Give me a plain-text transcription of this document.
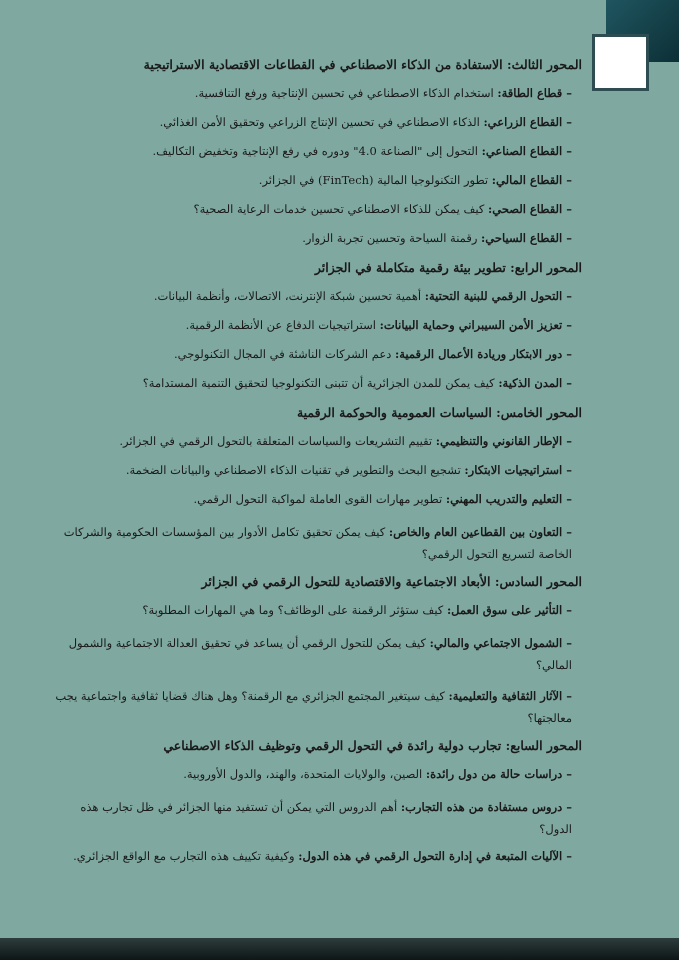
المحور الثالث: الاستفادة من الذكاء الاصطناعي في القطاعات الاقتصادية الاستراتيجية
– قطاع الطاقة: استخدام الذكاء الاصطناعي في تحسين الإنتاجية ورفع التنافسية.
– القطاع الزراعي: الذكاء الاصطناعي في تحسين الإنتاج الزراعي وتحقيق الأمن الغذائي.
– القطاع الصناعي: التحول إلى "الصناعة 4.0" ودوره في رفع الإنتاجية وتخفيض التكاليف.
– القطاع المالي: تطور التكنولوجيا المالية (FinTech) في الجزائر.
– القطاع الصحي: كيف يمكن للذكاء الاصطناعي تحسين خدمات الرعاية الصحية؟
– القطاع السياحي: رقمنة السياحة وتحسين تجربة الزوار.
المحور الرابع: تطوير بيئة رقمية متكاملة في الجزائر
– التحول الرقمي للبنية التحتية: أهمية تحسين شبكة الإنترنت، الاتصالات، وأنظمة البيانات.
– تعزيز الأمن السيبراني وحماية البيانات: استراتيجيات الدفاع عن الأنظمة الرقمية.
– دور الابتكار وريادة الأعمال الرقمية: دعم الشركات الناشئة في المجال التكنولوجي.
– المدن الذكية: كيف يمكن للمدن الجزائرية أن تتبنى التكنولوجيا لتحقيق التنمية المستدامة؟
المحور الخامس: السياسات العمومية والحوكمة الرقمية
– الإطار القانوني والتنظيمي: تقييم التشريعات والسياسات المتعلقة بالتحول الرقمي في الجزائر.
– استراتيجيات الابتكار: تشجيع البحث والتطوير في تقنيات الذكاء الاصطناعي والبيانات الضخمة.
– التعليم والتدريب المهني: تطوير مهارات القوى العاملة لمواكبة التحول الرقمي.
– التعاون بين القطاعين العام والخاص: كيف يمكن تحقيق تكامل الأدوار بين المؤسسات الحكومية والشركات الخاصة لتسريع التحول الرقمي؟
المحور السادس: الأبعاد الاجتماعية والاقتصادية للتحول الرقمي في الجزائر
– التأثير على سوق العمل: كيف ستؤثر الرقمنة على الوظائف؟ وما هي المهارات المطلوبة؟
– الشمول الاجتماعي والمالي: كيف يمكن للتحول الرقمي أن يساعد في تحقيق العدالة الاجتماعية والشمول المالي؟
– الآثار الثقافية والتعليمية: كيف سيتغير المجتمع الجزائري مع الرقمنة؟ وهل هناك قضايا ثقافية واجتماعية يجب معالجتها؟
المحور السابع: تجارب دولية رائدة في التحول الرقمي وتوظيف الذكاء الاصطناعي
– دراسات حالة من دول رائدة: الصين، والولايات المتحدة، والهند، والدول الأوروبية.
– دروس مستفادة من هذه التجارب: أهم الدروس التي يمكن أن تستفيد منها الجزائر في ظل تجارب هذه الدول؟
– الآليات المتبعة في إدارة التحول الرقمي في هذه الدول: وكيفية تكييف هذه التجارب مع الواقع الجزائري.
